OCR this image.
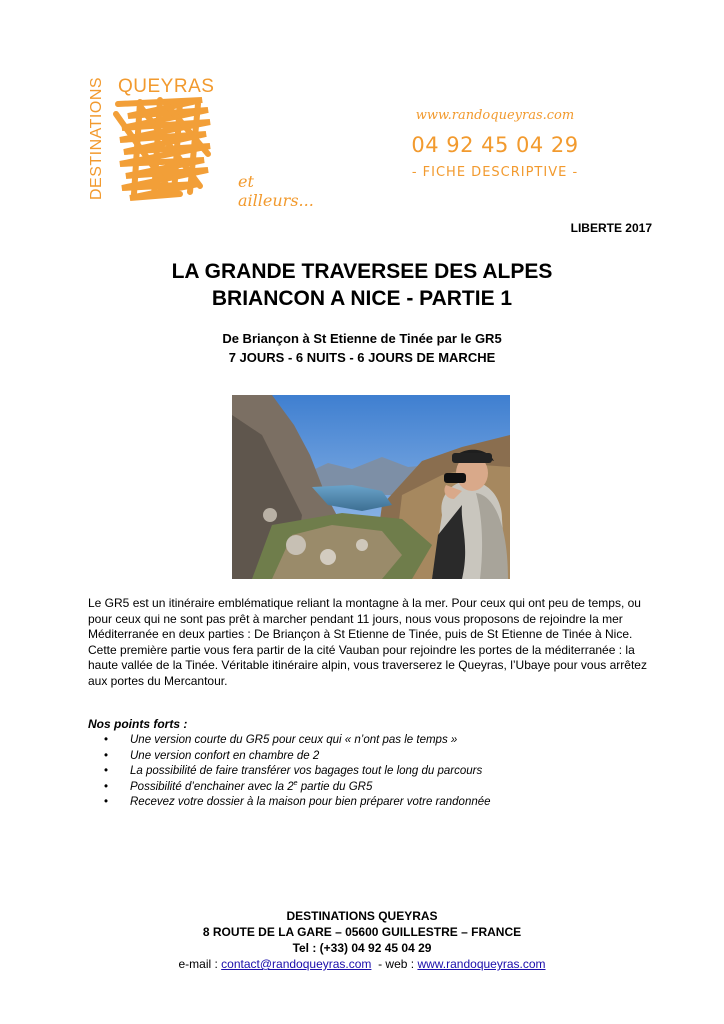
DESTINATIONS QUEYRAS
et ailleurs...
www.randoqueyras.com
04 92 45 04 29
- FICHE DESCRIPTIVE -
LIBERTE 2017
LA GRANDE TRAVERSEE DES ALPES
BRIANCON A NICE - PARTIE 1
De Briançon à St Etienne de Tinée par le GR5
7 JOURS - 6 NUITS - 6 JOURS DE MARCHE

Le GR5 est un itinéraire emblématique reliant la montagne à la mer. Pour ceux qui ont peu de temps, ou pour ceux qui ne sont pas prêt à marcher pendant 11 jours, nous vous proposons de rejoindre la mer Méditerranée en deux parties : De Briançon à St Etienne de Tinée, puis de St Etienne de Tinée à Nice.

Cette première partie vous fera partir de la cité Vauban pour rejoindre les portes de la méditerranée : la haute vallée de la Tinée. Véritable itinéraire alpin, vous traverserez le Queyras, l’Ubaye pour vous arrêtez aux portes du Mercantour.

Nos points forts :
• Une version courte du GR5 pour ceux qui « n’ont pas le temps »
• Une version confort en chambre de 2
• La possibilité de faire transférer vos bagages tout le long du parcours
• Possibilité d’enchainer avec la 2e partie du GR5
• Recevez votre dossier à la maison pour bien préparer votre randonnée
DESTINATIONS QUEYRAS
8 ROUTE DE LA GARE – 05600 GUILLESTRE – FRANCE
Tel : (+33) 04 92 45 04 29
e-mail : contact@randoqueyras.com  - web : www.randoqueyras.com
